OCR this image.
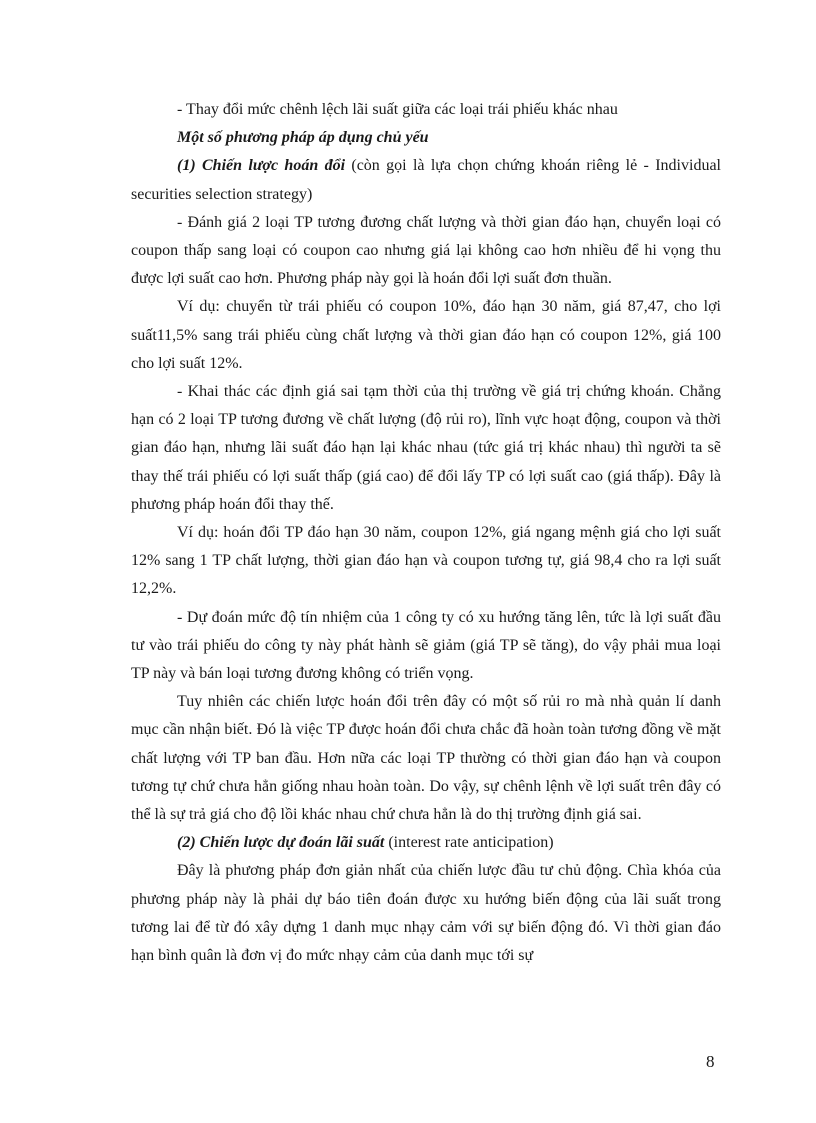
- Thay đổi mức chênh lệch lãi suất giữa các loại trái phiếu khác nhau

Một số phương pháp áp dụng chủ yếu

(1) Chiến lược hoán đổi (còn gọi là lựa chọn chứng khoán riêng lẻ - Individual securities selection strategy)

- Đánh giá 2 loại TP tương đương chất lượng và thời gian đáo hạn, chuyển loại có coupon thấp sang loại có coupon cao nhưng giá lại không cao hơn nhiều để hi vọng thu được lợi suất cao hơn. Phương pháp này gọi là hoán đổi lợi suất đơn thuần.

Ví dụ: chuyển từ trái phiếu có coupon 10%, đáo hạn 30 năm, giá 87,47, cho lợi suất11,5% sang trái phiếu cùng chất lượng và thời gian đáo hạn có coupon 12%, giá 100 cho lợi suất 12%.

- Khai thác các định giá sai tạm thời của thị trường về giá trị chứng khoán. Chẳng hạn có 2 loại TP tương đương về chất lượng (độ rủi ro), lĩnh vực hoạt động, coupon và thời gian đáo hạn, nhưng lãi suất đáo hạn lại khác nhau (tức giá trị khác nhau) thì người ta sẽ thay thế trái phiếu có lợi suất thấp (giá cao) để đổi lấy TP có lợi suất cao (giá thấp). Đây là phương pháp hoán đổi thay thế.

Ví dụ: hoán đổi TP đáo hạn 30 năm, coupon 12%, giá ngang mệnh giá cho lợi suất 12% sang 1 TP chất lượng, thời gian đáo hạn và coupon tương tự, giá 98,4 cho ra lợi suất 12,2%.

- Dự đoán mức độ tín nhiệm của 1 công ty có xu hướng tăng lên, tức là lợi suất đầu tư vào trái phiếu do công ty này phát hành sẽ giảm (giá TP sẽ tăng), do vậy phải mua loại TP này và bán loại tương đương không có triển vọng.

Tuy nhiên các chiến lược hoán đổi trên đây có một số rủi ro mà nhà quản lí danh mục cần nhận biết. Đó là việc TP được hoán đổi chưa chắc đã hoàn toàn tương đồng về mặt chất lượng với TP ban đầu. Hơn nữa các loại TP thường có thời gian đáo hạn và coupon tương tự chứ chưa hẳn giống nhau hoàn toàn. Do vậy, sự chênh lệnh về lợi suất trên đây có thể là sự trả giá cho độ lồi khác nhau chứ chưa hẳn là do thị trường định giá sai.

(2) Chiến lược dự đoán lãi suất (interest rate anticipation)

Đây là phương pháp đơn giản nhất của chiến lược đầu tư chủ động. Chìa khóa của phương pháp này là phải dự báo tiên đoán được xu hướng biến động của lãi suất trong tương lai để từ đó xây dựng 1 danh mục nhạy cảm với sự biến động đó. Vì thời gian đáo hạn bình quân là đơn vị đo mức nhạy cảm của danh mục tới sự

8
